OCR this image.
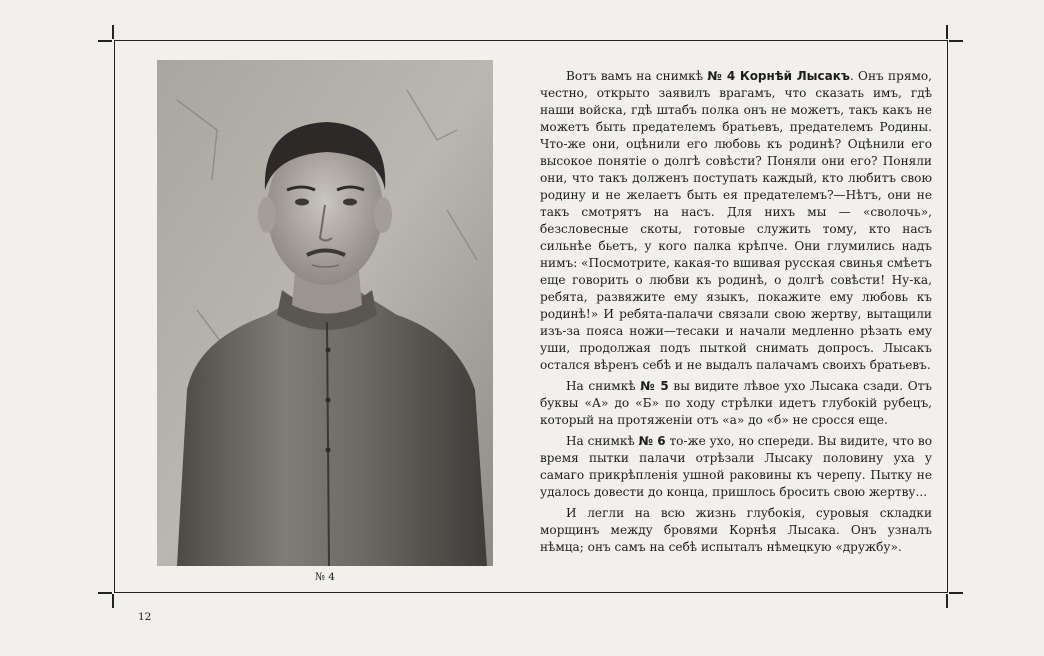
№ 4

Вотъ вамъ на снимкѣ № 4 Корнѣй Лысакъ. Онъ прямо, честно, открыто заявилъ врагамъ, что сказать имъ, гдѣ наши войска, гдѣ штабъ полка онъ не можетъ, такъ какъ не можетъ быть предателемъ братьевъ, предателемъ Родины. Что-же они, оцѣнили его любовь къ родинѣ? Оцѣнили его высокое понятіе о долгѣ совѣсти? Поняли они его? Поняли они, что такъ долженъ поступать каждый, кто любитъ свою родину и не желаетъ быть ея предателемъ?—Нѣтъ, они не такъ смотрятъ на насъ. Для нихъ мы — «сволочь», безсловесные скоты, готовые служить тому, кто насъ сильнѣе бьетъ, у кого палка крѣпче. Они глумились надъ нимъ: «Посмотрите, какая-то вшивая русская свинья смѣетъ еще говорить о любви къ родинѣ, о долгѣ совѣсти! Ну-ка, ребята, развяжите ему языкъ, покажите ему любовь къ родинѣ!» И ребята-палачи связали свою жертву, вытащили изъ-за пояса ножи—тесаки и начали медленно рѣзать ему уши, продолжая подъ пыткой снимать допросъ. Лысакъ остался вѣренъ себѣ и не выдалъ палачамъ своихъ братьевъ.

На снимкѣ № 5 вы видите лѣвое ухо Лысака сзади. Отъ буквы «А» до «Б» по ходу стрѣлки идетъ глубокій рубецъ, который на протяженіи отъ «а» до «б» не сросся еще.

На снимкѣ № 6 то-же ухо, но спереди. Вы видите, что во время пытки палачи отрѣзали Лысаку половину уха у самаго прикрѣпленія ушной раковины къ черепу. Пытку не удалось довести до конца, пришлось бросить свою жертву...

И легли на всю жизнь глубокія, суровыя складки морщинъ между бровями Корнѣя Лысака. Онъ узналъ нѣмца; онъ самъ на себѣ испыталъ нѣмецкую «дружбу».

12
